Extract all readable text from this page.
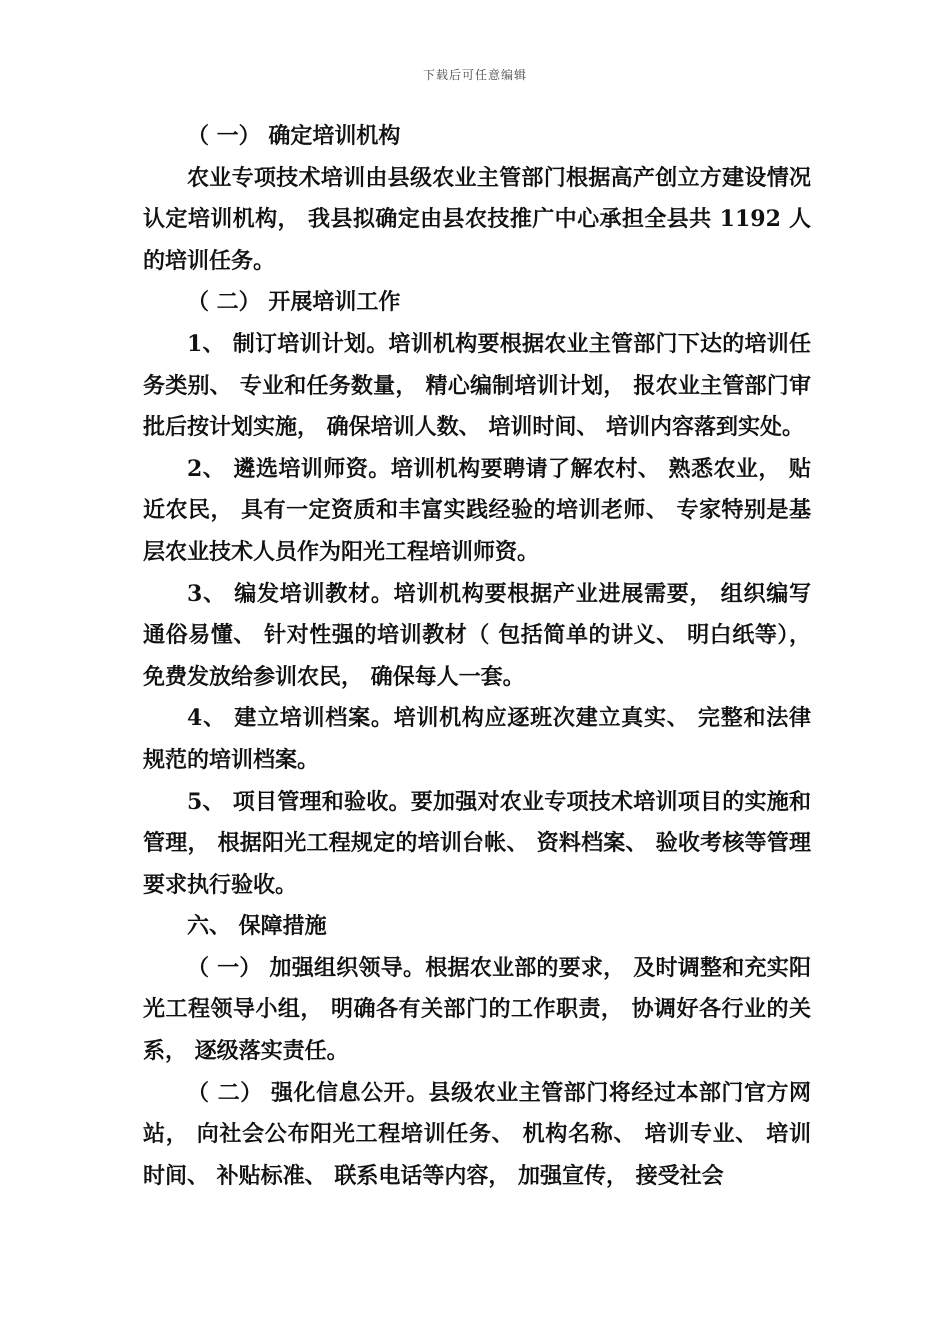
下载后可任意编辑

（ 一） 确定培训机构

农业专项技术培训由县级农业主管部门根据高产创立方建设情况认定培训机构， 我县拟确定由县农技推广中心承担全县共 1192 人的培训任务。

（ 二） 开展培训工作

1、 制订培训计划。培训机构要根据农业主管部门下达的培训任务类别、 专业和任务数量， 精心编制培训计划， 报农业主管部门审批后按计划实施， 确保培训人数、 培训时间、 培训内容落到实处。

2、 遴选培训师资。培训机构要聘请了解农村、 熟悉农业， 贴近农民， 具有一定资质和丰富实践经验的培训老师、 专家特别是基层农业技术人员作为阳光工程培训师资。

3、 编发培训教材。培训机构要根据产业进展需要， 组织编写通俗易懂、 针对性强的培训教材（ 包括简单的讲义、 明白纸等）， 免费发放给参训农民， 确保每人一套。

4、 建立培训档案。培训机构应逐班次建立真实、 完整和法律规范的培训档案。

5、 项目管理和验收。要加强对农业专项技术培训项目的实施和管理， 根据阳光工程规定的培训台帐、 资料档案、 验收考核等管理要求执行验收。

六、 保障措施

（ 一） 加强组织领导。根据农业部的要求， 及时调整和充实阳光工程领导小组， 明确各有关部门的工作职责， 协调好各行业的关系， 逐级落实责任。

（ 二） 强化信息公开。县级农业主管部门将经过本部门官方网站， 向社会公布阳光工程培训任务、 机构名称、 培训专业、 培训时间、 补贴标准、 联系电话等内容， 加强宣传， 接受社会
